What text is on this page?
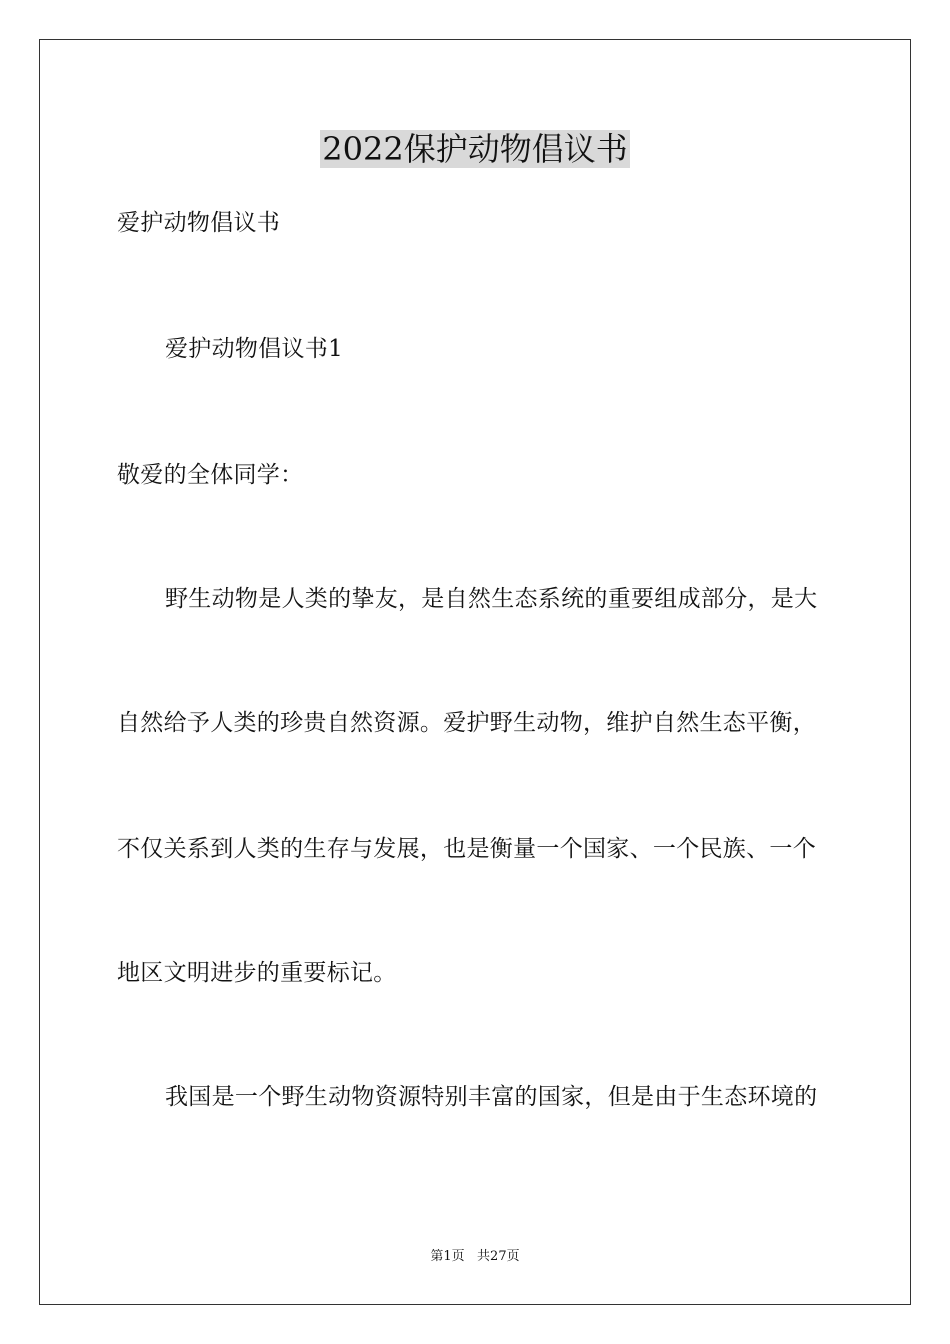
2022保护动物倡议书
爱护动物倡议书
爱护动物倡议书1
敬爱的全体同学：
野生动物是人类的挚友，是自然生态系统的重要组成部分，是大
自然给予人类的珍贵自然资源。爱护野生动物，维护自然生态平衡，
不仅关系到人类的生存与发展，也是衡量一个国家、一个民族、一个
地区文明进步的重要标记。
我国是一个野生动物资源特别丰富的国家，但是由于生态环境的
第1页   共27页
